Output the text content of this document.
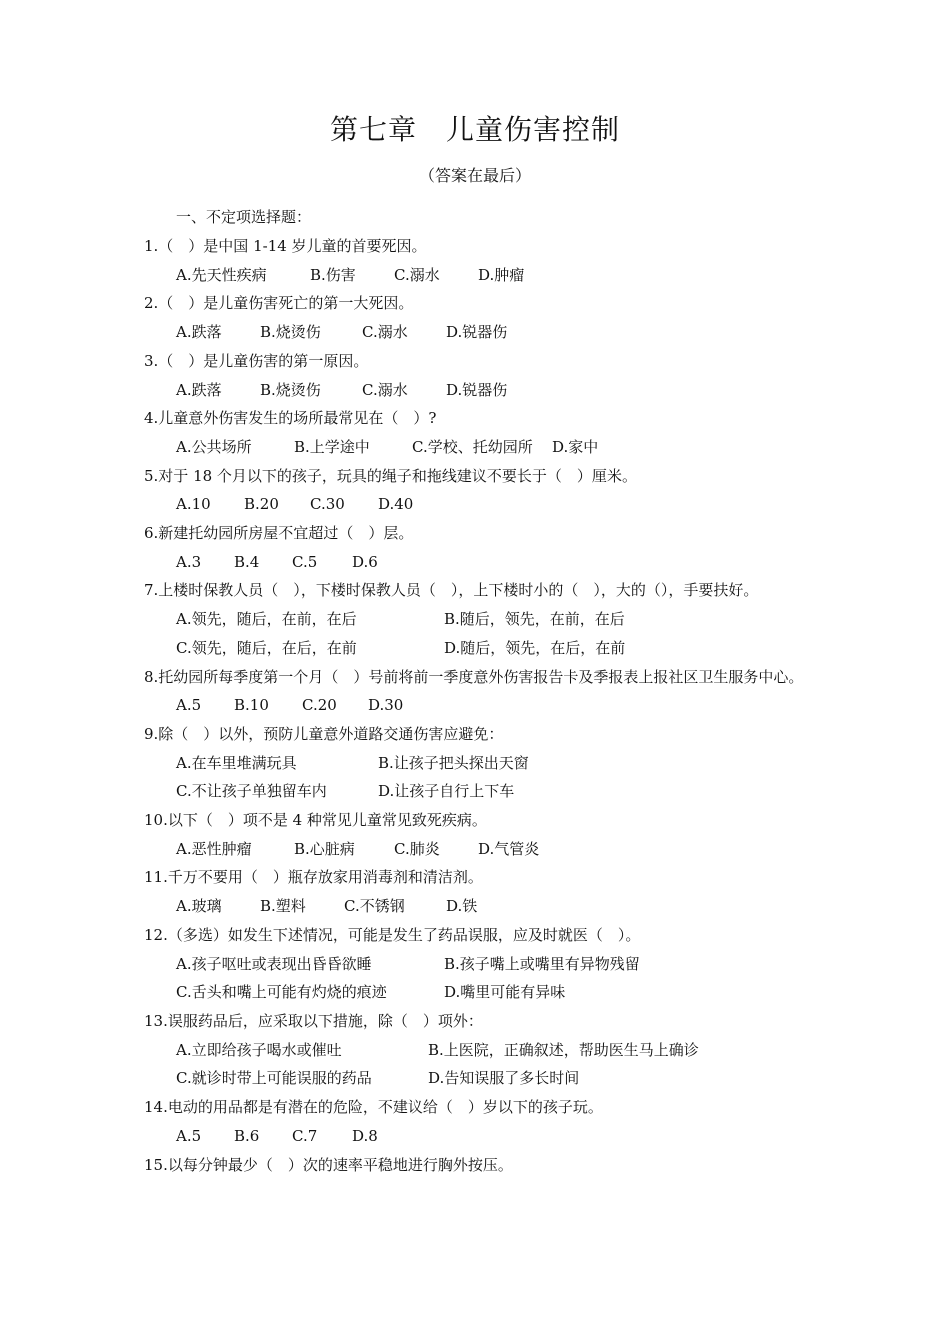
第七章　儿童伤害控制
（答案在最后）
一、不定项选择题：
1.（　）是中国 1-14 岁儿童的首要死因。
A.先天性疾病	B.伤害	C.溺水	D.肿瘤
2.（　）是儿童伤害死亡的第一大死因。
A.跌落	B.烧烫伤	C.溺水	D.锐器伤
3.（　）是儿童伤害的第一原因。
A.跌落	B.烧烫伤	C.溺水	D.锐器伤
4.儿童意外伤害发生的场所最常见在（　）?
A.公共场所	B.上学途中	C.学校、托幼园所	D.家中
5.对于 18 个月以下的孩子，玩具的绳子和拖线建议不要长于（　）厘米。
A.10	B.20	C.30	D.40
6.新建托幼园所房屋不宜超过（　）层。
A.3	B.4	C.5	D.6
7.上楼时保教人员（　），下楼时保教人员（　），上下楼时小的（　），大的（），手要扶好。
A.领先，随后，在前，在后	B.随后，领先，在前，在后
C.领先，随后，在后，在前	D.随后，领先，在后，在前
8.托幼园所每季度第一个月（　）号前将前一季度意外伤害报告卡及季报表上报社区卫生服务中心。
A.5	B.10	C.20	D.30
9.除（　）以外，预防儿童意外道路交通伤害应避免：
A.在车里堆满玩具	B.让孩子把头探出天窗
C.不让孩子单独留车内	D.让孩子自行上下车
10.以下（　）项不是 4 种常见儿童常见致死疾病。
A.恶性肿瘤	B.心脏病	C.肺炎	D.气管炎
11.千万不要用（　）瓶存放家用消毒剂和清洁剂。
A.玻璃	B.塑料	C.不锈钢	D.铁
12.（多选）如发生下述情况，可能是发生了药品误服，应及时就医（　）。
A.孩子呕吐或表现出昏昏欲睡	B.孩子嘴上或嘴里有异物残留
C.舌头和嘴上可能有灼烧的痕迹	D.嘴里可能有异味
13.误服药品后，应采取以下措施，除（　）项外：
A.立即给孩子喝水或催吐	B.上医院，正确叙述，帮助医生马上确诊
C.就诊时带上可能误服的药品	D.告知误服了多长时间
14.电动的用品都是有潜在的危险，不建议给（　）岁以下的孩子玩。
A.5	B.6	C.7	D.8
15.以每分钟最少（　）次的速率平稳地进行胸外按压。
